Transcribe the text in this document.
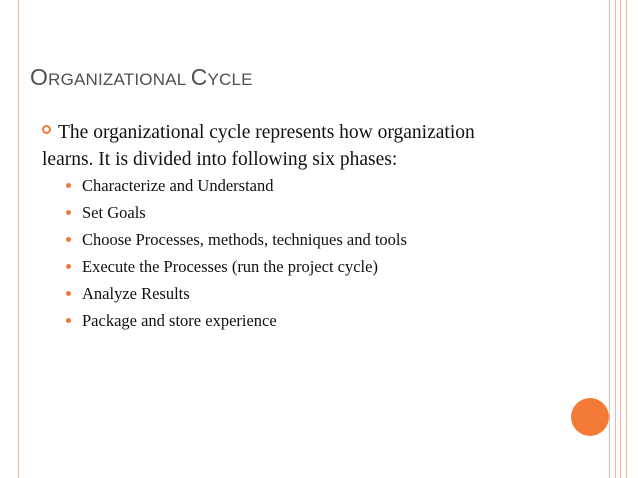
ORGANIZATIONAL CYCLE
The organizational cycle represents how organization
learns. It is divided into following six phases:
Characterize and Understand
Set Goals
Choose Processes, methods, techniques and tools
Execute the Processes (run the project cycle)
Analyze Results
Package and store experience
